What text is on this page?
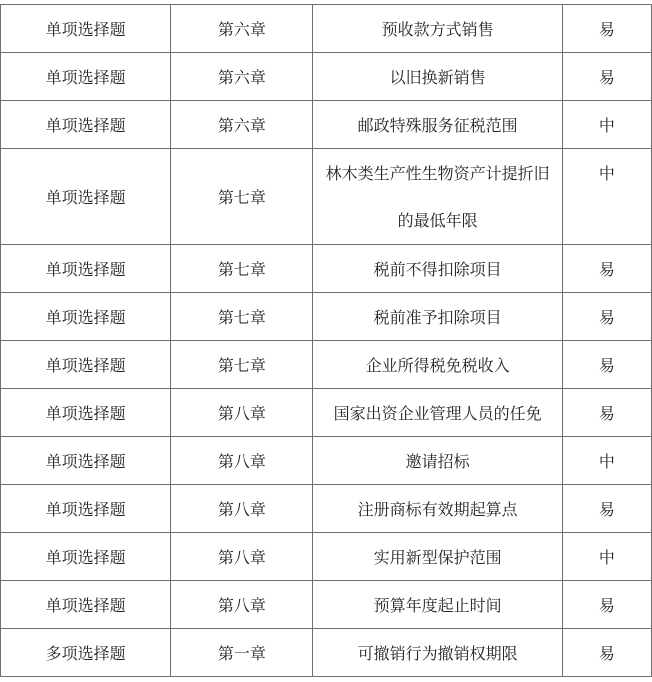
单项选择题	第六章	预收款方式销售	易
单项选择题	第六章	以旧换新销售	易
单项选择题	第六章	邮政特殊服务征税范围	中
单项选择题	第七章	林木类生产性生物资产计提折旧的最低年限	中
单项选择题	第七章	税前不得扣除项目	易
单项选择题	第七章	税前准予扣除项目	易
单项选择题	第七章	企业所得税免税收入	易
单项选择题	第八章	国家出资企业管理人员的任免	易
单项选择题	第八章	邀请招标	中
单项选择题	第八章	注册商标有效期起算点	易
单项选择题	第八章	实用新型保护范围	中
单项选择题	第八章	预算年度起止时间	易
多项选择题	第一章	可撤销行为撤销权期限	易
